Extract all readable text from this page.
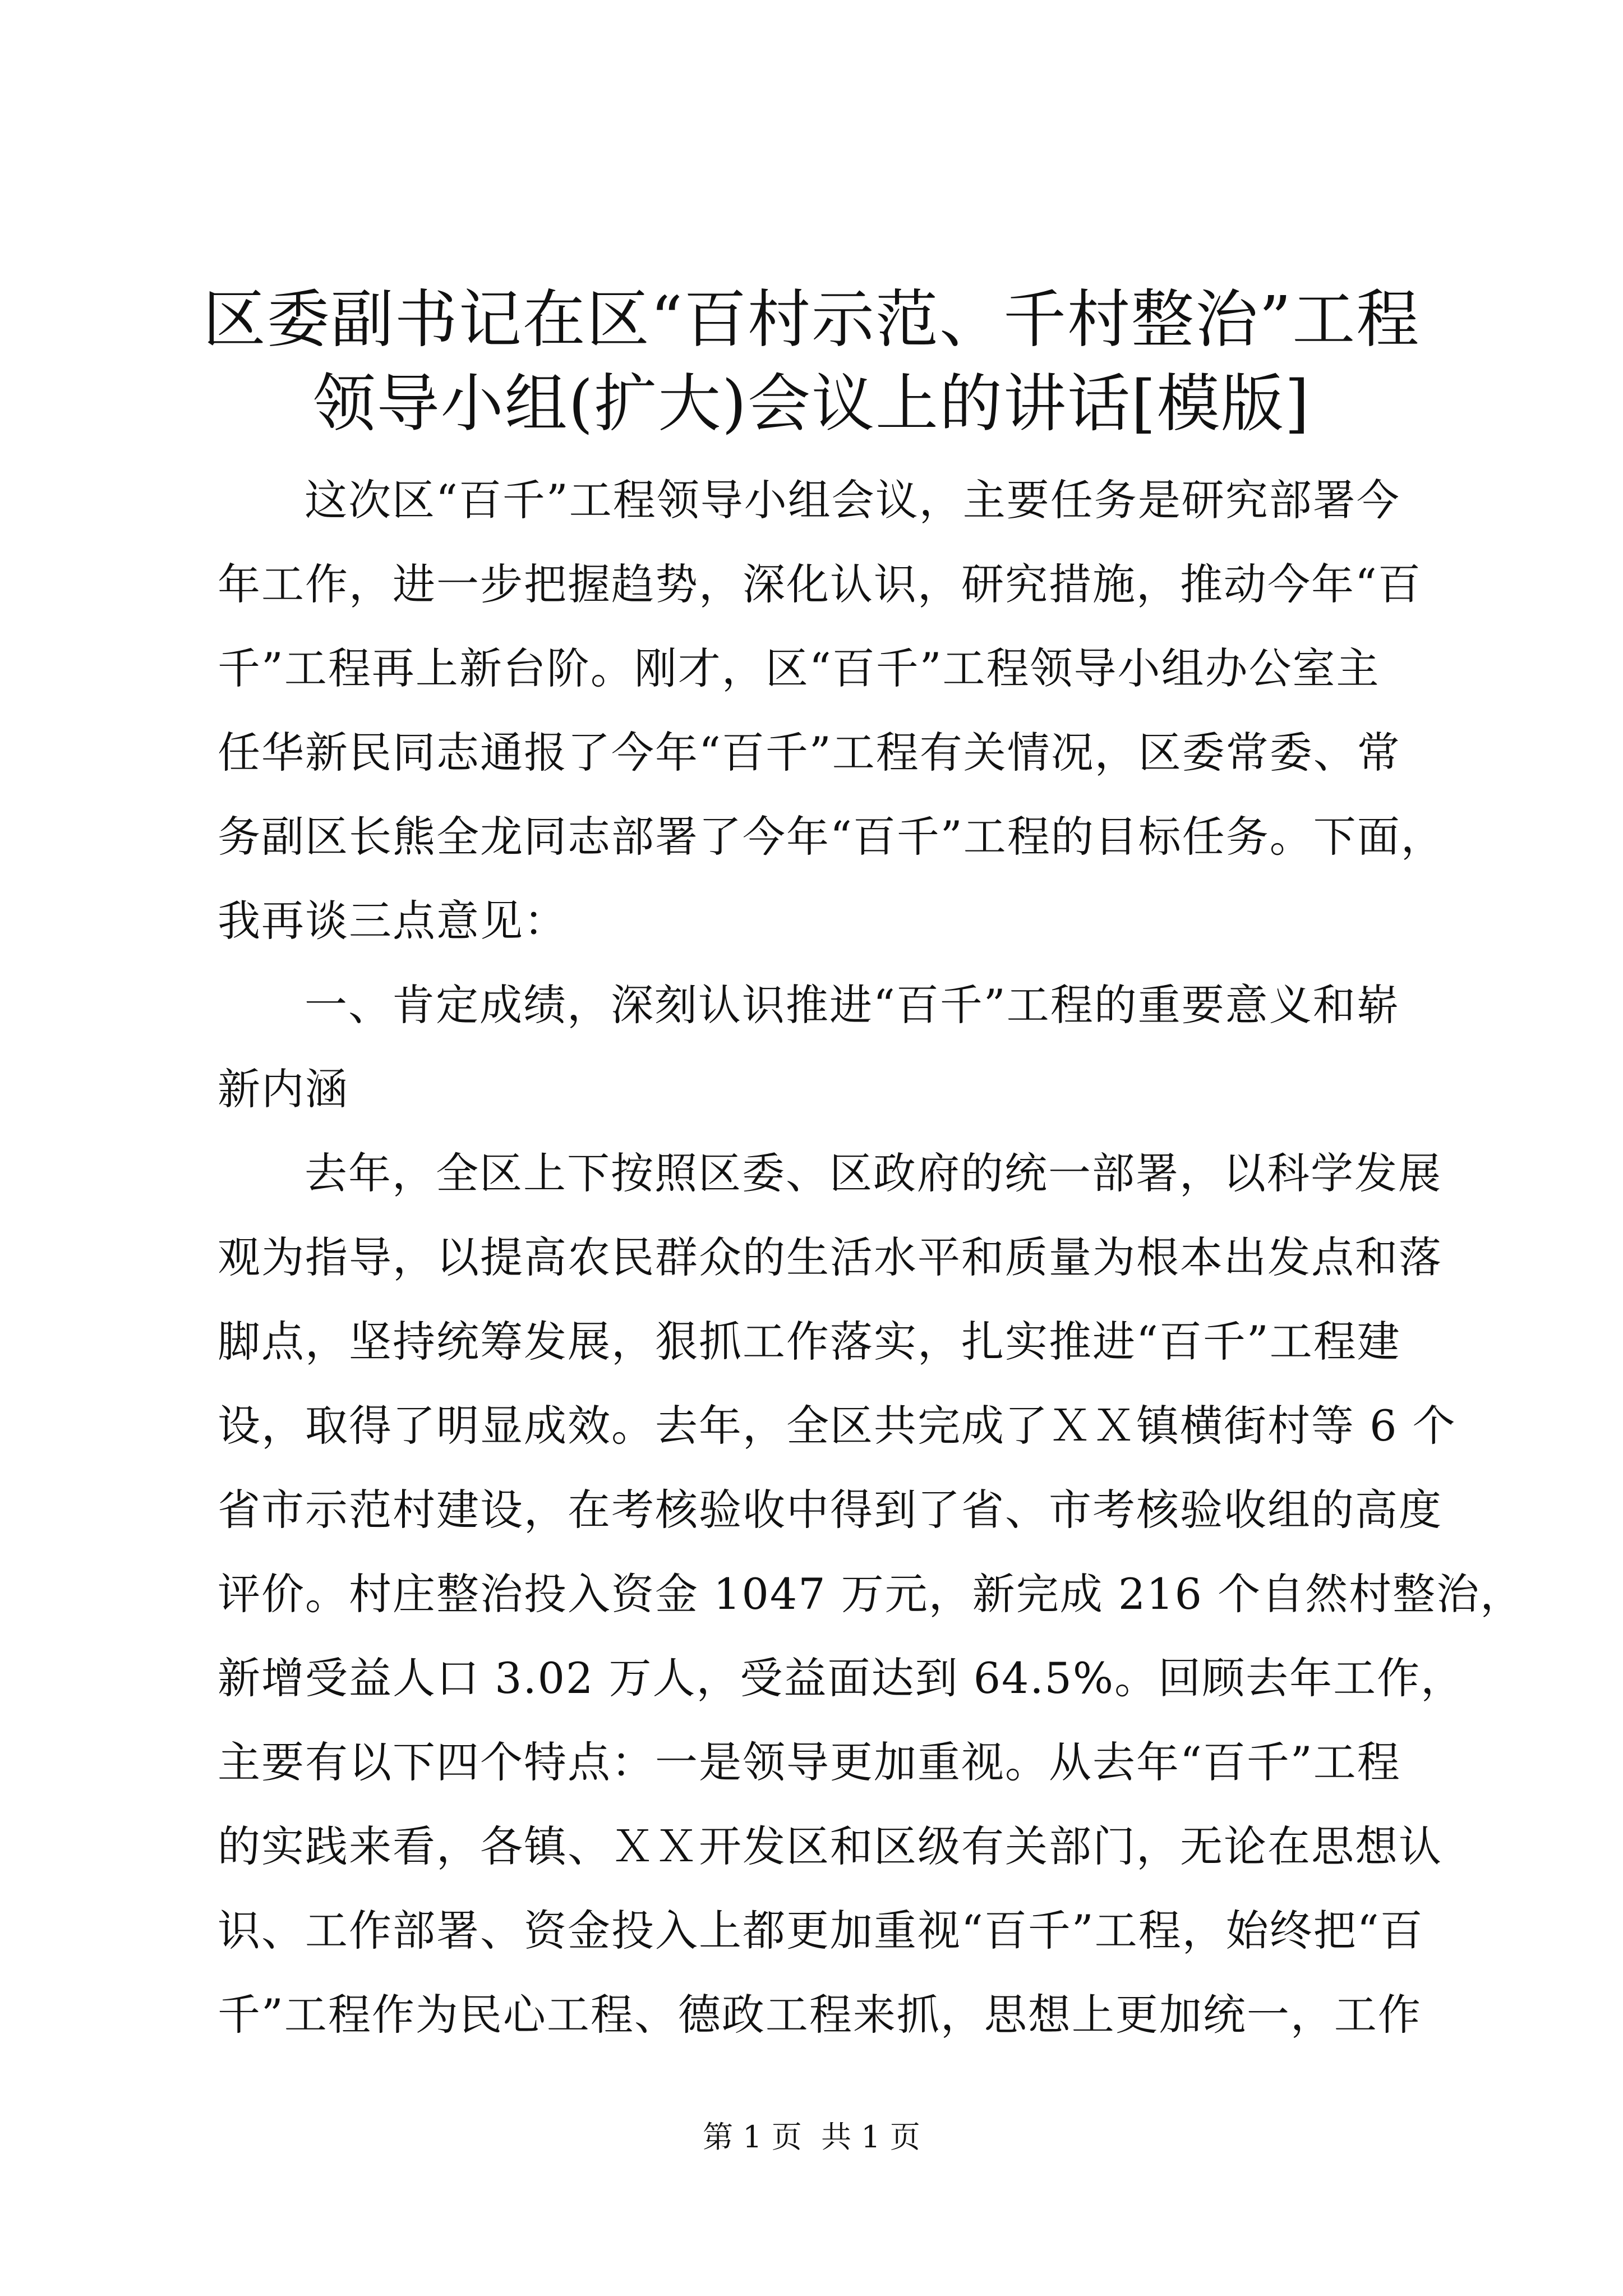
区委副书记在区“百村示范、千村整治”工程
领导小组(扩大)会议上的讲话[模版]
这次区“百千”工程领导小组会议，主要任务是研究部署今
年工作，进一步把握趋势，深化认识，研究措施，推动今年“百
千”工程再上新台阶。刚才，区“百千”工程领导小组办公室主
任华新民同志通报了今年“百千”工程有关情况，区委常委、常
务副区长熊全龙同志部署了今年“百千”工程的目标任务。下面，
我再谈三点意见：
一、肯定成绩，深刻认识推进“百千”工程的重要意义和崭
新内涵
去年，全区上下按照区委、区政府的统一部署，以科学发展
观为指导，以提高农民群众的生活水平和质量为根本出发点和落
脚点，坚持统筹发展，狠抓工作落实，扎实推进“百千”工程建
设，取得了明显成效。去年，全区共完成了ＸＸ镇横街村等 6 个
省市示范村建设，在考核验收中得到了省、市考核验收组的高度
评价。村庄整治投入资金 1047 万元，新完成 216 个自然村整治，
新增受益人口 3.02 万人，受益面达到 64.5%。回顾去年工作，
主要有以下四个特点：一是领导更加重视。从去年“百千”工程
的实践来看，各镇、ＸＸ开发区和区级有关部门，无论在思想认
识、工作部署、资金投入上都更加重视“百千”工程，始终把“百
千”工程作为民心工程、德政工程来抓，思想上更加统一，工作
第 1 页  共 1 页
